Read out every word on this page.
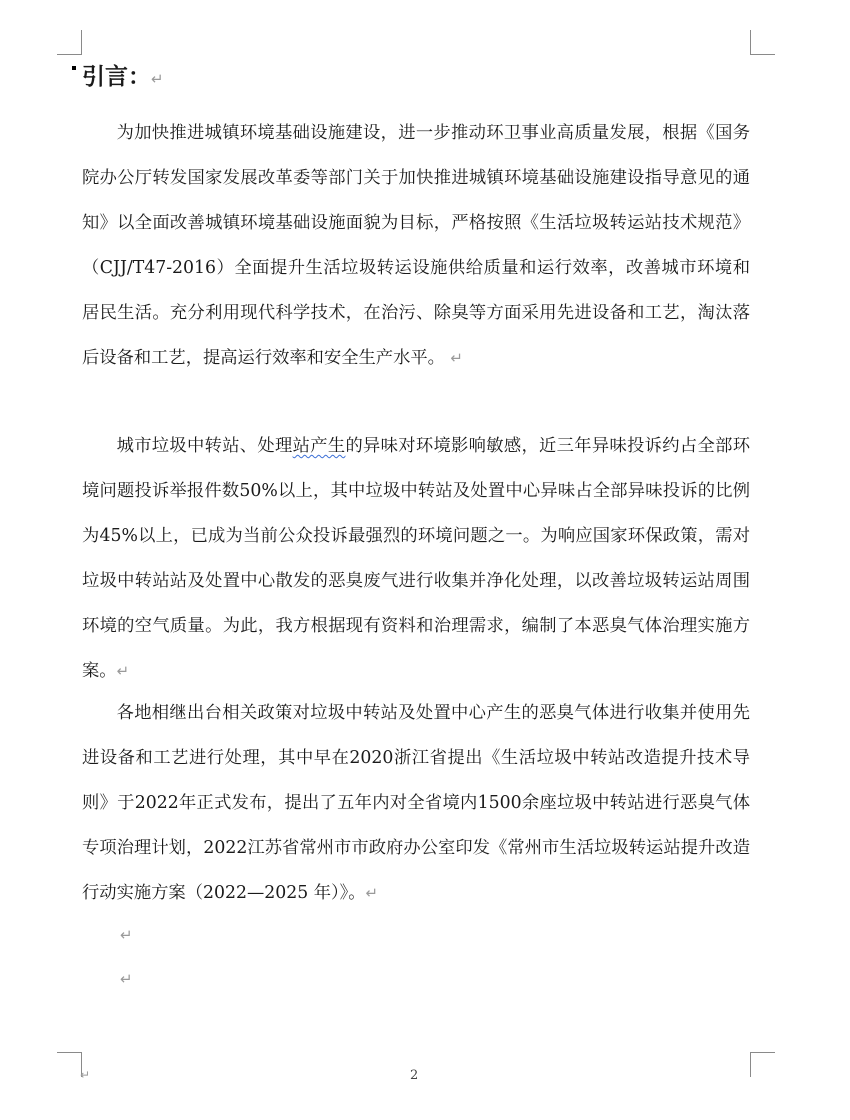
引言：↵

为加快推进城镇环境基础设施建设，进一步推动环卫事业高质量发展，根据《国务院办公厅转发国家发展改革委等部门关于加快推进城镇环境基础设施建设指导意见的通知》以全面改善城镇环境基础设施面貌为目标，严格按照《生活垃圾转运站技术规范》（CJJ/T47-2016）全面提升生活垃圾转运设施供给质量和运行效率，改善城市环境和居民生活。充分利用现代科学技术，在治污、除臭等方面采用先进设备和工艺，淘汰落后设备和工艺，提高运行效率和安全生产水平。 ↵

城市垃圾中转站、处理站产生的异味对环境影响敏感，近三年异味投诉约占全部环境问题投诉举报件数50%以上，其中垃圾中转站及处置中心异味占全部异味投诉的比例为45%以上，已成为当前公众投诉最强烈的环境问题之一。为响应国家环保政策，需对垃圾中转站站及处置中心散发的恶臭废气进行收集并净化处理，以改善垃圾转运站周围环境的空气质量。为此，我方根据现有资料和治理需求，编制了本恶臭气体治理实施方案。↵

各地相继出台相关政策对垃圾中转站及处置中心产生的恶臭气体进行收集并使用先进设备和工艺进行处理，其中早在2020浙江省提出《生活垃圾中转站改造提升技术导则》于2022年正式发布，提出了五年内对全省境内1500余座垃圾中转站进行恶臭气体专项治理计划，2022江苏省常州市市政府办公室印发《常州市生活垃圾转运站提升改造行动实施方案（2022—2025 年）》。↵

↵
↵
↵	2
